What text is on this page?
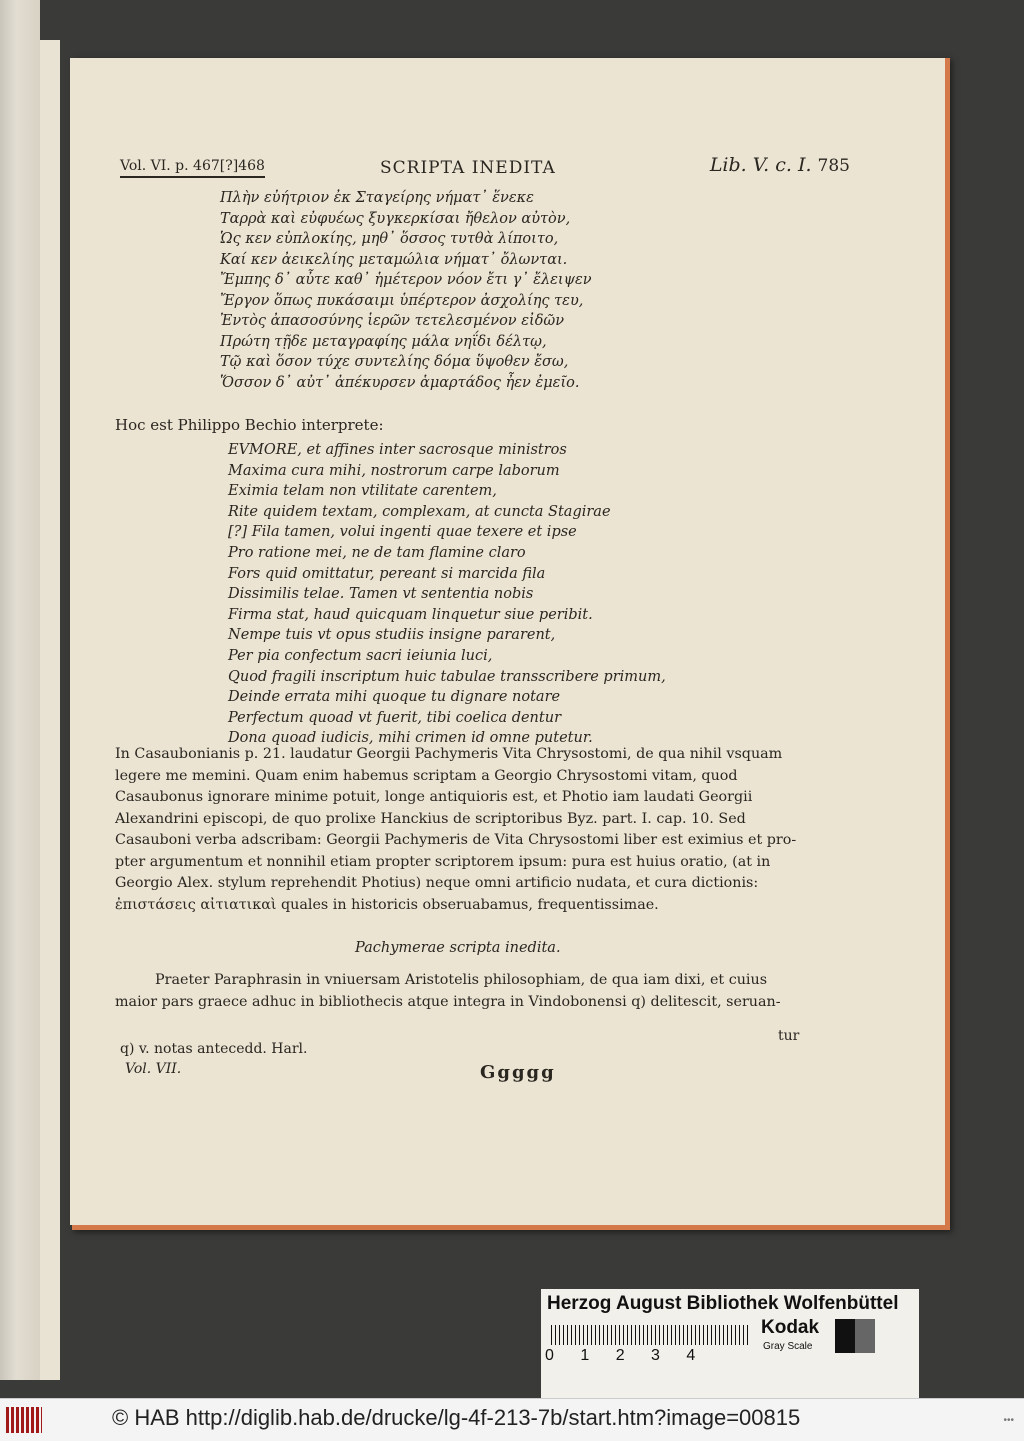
Vol. VI. p. 467[?]468	SCRIPTA INEDITA	Lib. V. c. I. 785
Πλὴν εὐήτριον ἐκ Σταγείρης νήματ᾽ ἕνεκε
Ταρρὰ καὶ εὐφυέως ξυγκερκίσαι ἤθελον αὐτὸν,
Ὡς κεν εὐπλοκίης, μηθ᾽ ὅσσος τυτθὰ λίποιτο,
Καί κεν ἀεικελίης μεταμώλια νήματ᾽ ὄλωνται.
Ἔμπης δ᾽ αὖτε καθ᾽ ἡμέτερον νόον ἔτι γ᾽ ἔλειψεν
Ἔργον ὅπως πυκάσαιμι ὑπέρτερον ἀσχολίης τευ,
Ἐντὸς ἀπασοσύνης ἱερῶν τετελεσμένον εἰδῶν
Πρώτη τῇδε μεταγραφίης μάλα νηΐδι δέλτῳ,
Τῷ καὶ ὅσον τύχε συντελίης δόμα ὕψοθεν ἔσω,
Ὅσσον δ᾽ αὐτ᾽ ἀπέκυρσεν ἁμαρτάδος ἦεν ἐμεῖο.
Hoc est Philippo Bechio interprete:
EVMORE, et affines inter sacrosque ministros
Maxima cura mihi, nostrorum carpe laborum
Eximia telam non vtilitate carentem,
Rite quidem textam, complexam, at cuncta Stagirae
[?] Fila tamen, volui ingenti quae texere et ipse
Pro ratione mei, ne de tam flamine claro
Fors quid omittatur, pereant si marcida fila
Dissimilis telae. Tamen vt sententia nobis
Firma stat, haud quicquam linquetur siue peribit.
Nempe tuis vt opus studiis insigne pararent,
Per pia confectum sacri ieiunia luci,
Quod fragili inscriptum huic tabulae transscribere primum,
Deinde errata mihi quoque tu dignare notare
Perfectum quoad vt fuerit, tibi coelica dentur
Dona quoad iudicis, mihi crimen id omne putetur.
In Casaubonianis p. 21. laudatur Georgii Pachymeris Vita Chrysostomi, de qua nihil vsquam
legere me memini. Quam enim habemus scriptam a Georgio Chrysostomi vitam, quod
Casaubonus ignorare minime potuit, longe antiquioris est, et Photio iam laudati Georgii
Alexandrini episcopi, de quo prolixe Hanckius de scriptoribus Byz. part. I. cap. 10. Sed
Casauboni verba adscribam: Georgii Pachymeris de Vita Chrysostomi liber est eximius et pro-
pter argumentum et nonnihil etiam propter scriptorem ipsum: pura est huius oratio, (at in
Georgio Alex. stylum reprehendit Photius) neque omni artificio nudata, et cura dictionis:
ἐπιστάσεις αἰτιατικαὶ quales in historicis obseruabamus, frequentissimae.
Pachymerae scripta inedita.
Praeter Paraphrasin in vniuersam Aristotelis philosophiam, de qua iam dixi, et cuius
maior pars graece adhuc in bibliothecis atque integra in Vindobonensi q) delitescit, seruan-
tur
q) v. notas antecedd. Harl.
Vol. VII.	Ggggg
Herzog August Bibliothek Wolfenbüttel
0 1 2 3 4
Kodak
Gray Scale
© HAB http://diglib.hab.de/drucke/lg-4f-213-7b/start.htm?image=00815	•••
